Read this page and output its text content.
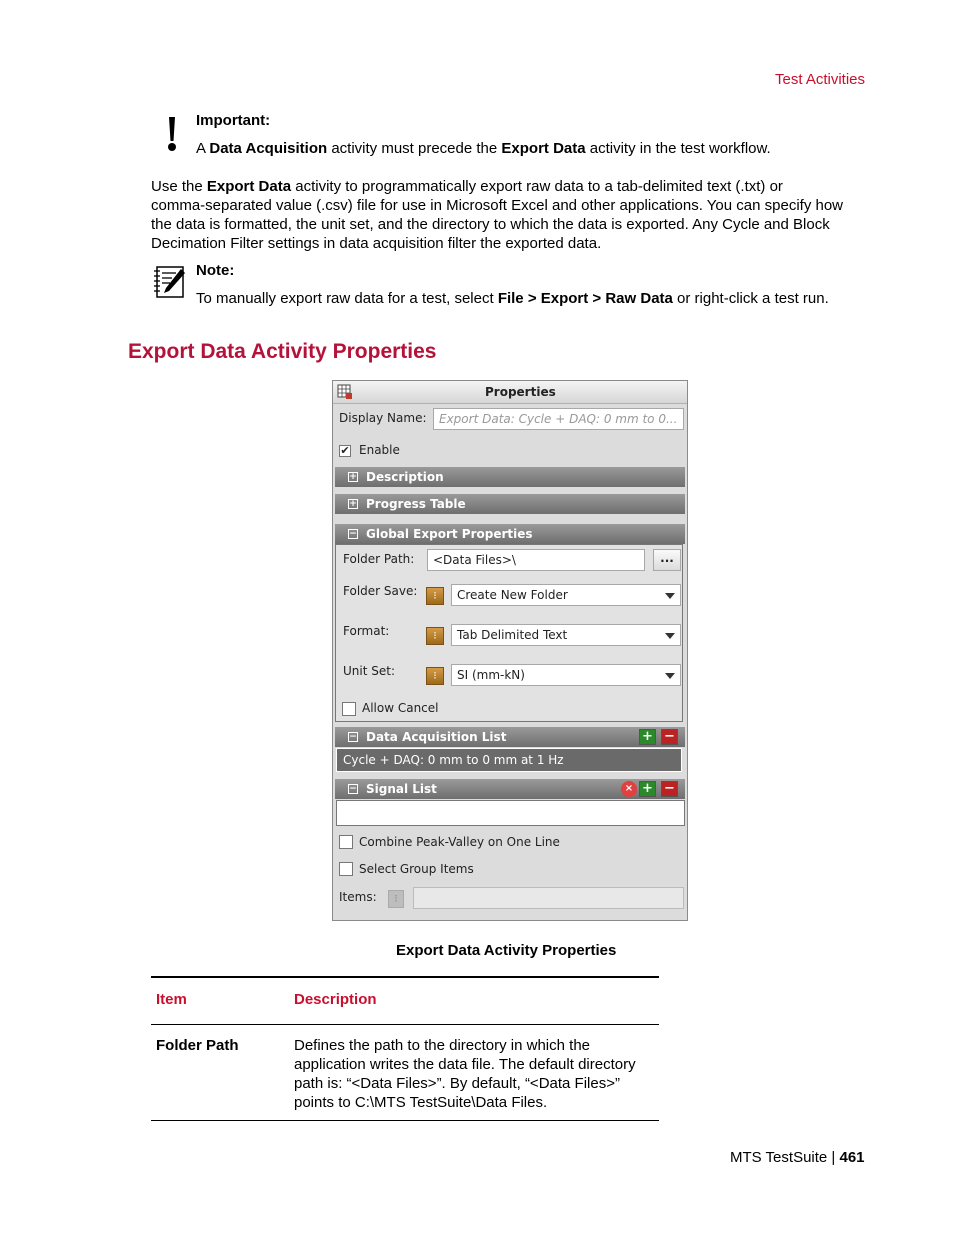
Test Activities
Important:
A Data Acquisition activity must precede the Export Data activity in the test workflow.
Use the Export Data activity to programmatically export raw data to a tab-delimited text (.txt) or
comma-separated value (.csv) file for use in Microsoft Excel and other applications. You can specify how
the data is formatted, the unit set, and the directory to which the data is exported. Any Cycle and Block
Decimation Filter settings in data acquisition filter the exported data.
Note:
To manually export raw data for a test, select File > Export > Raw Data or right-click a test run.
Export Data Activity Properties
Properties
Display Name:	Export Data: Cycle + DAQ: 0 mm to 0...
✔ Enable
+ Description
+ Progress Table
− Global Export Properties
Folder Path:	<Data Files>\	...
Folder Save:	⁝	Create New Folder
Format:	⁝	Tab Delimited Text
Unit Set:	⁝	SI (mm-kN)
Allow Cancel
− Data Acquisition List	+ −
Cycle + DAQ: 0 mm to 0 mm at 1 Hz
− Signal List	× + −
Combine Peak-Valley on One Line
Select Group Items
Items:	⁝
Export Data Activity Properties
Item	Description
Folder Path	Defines the path to the directory in which the
application writes the data file. The default directory
path is: “<Data Files>”. By default, “<Data Files>”
points to C:\MTS TestSuite\Data Files.
MTS TestSuite | 461
